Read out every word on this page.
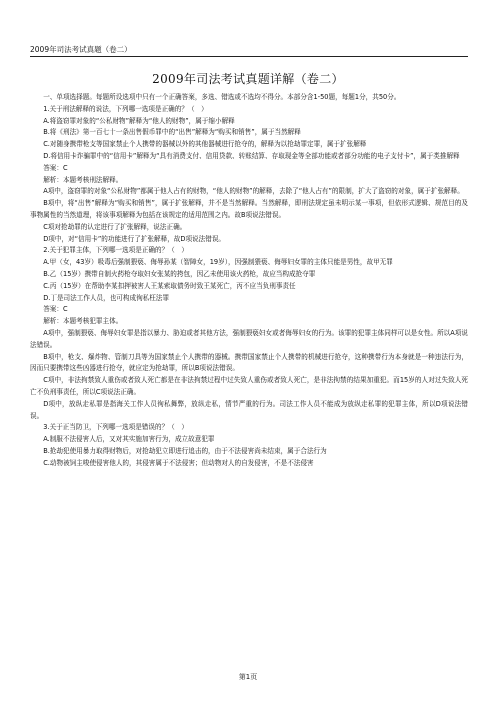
2009年司法考试真题（卷二）
2009年司法考试真题详解（卷二）

一、单项选择题。每题所设选项中只有一个正确答案，多选、错选或不选均不得分。本部分含1-50题，每题1分，共50分。

1.关于刑法解释的说法，下列哪一选项是正确的？（　）

A.将盗窃罪对象的“公私财物”解释为“他人的财物”，属于缩小解释

B.将《刑法》第一百七十一条出售假币罪中的“出售”解释为“购买和销售”，属于当然解释

C.对随身携带枪支等国家禁止个人携带的器械以外的其他器械进行抢夺的，解释为以抢劫罪定罪，属于扩张解释

D.将信用卡诈骗罪中的“信用卡”解释为“具有消费支付、信用贷款、转账结算、存取现金等全部功能或者部分功能的电子支付卡”，属于类推解释

答案：C

解析：本题考核刑法解释。

A项中，盗窃罪的对象“公私财物”都属于他人占有的财物，“他人的财物”的解释，去除了“他人占有”的限制，扩大了盗窃的对象，属于扩张解释。

B项中，将“出售”解释为“购买和销售”，属于扩张解释，并不是当然解释。当然解释，即刑法规定虽未明示某一事项，但依形式逻辑、规范目的及事物属性的当然道理，将该事项解释为包括在该规定的适用范围之内。故B项说法错误。

C项对抢劫罪的认定进行了扩张解释，说法正确。

D项中，对“信用卡”的功能进行了扩张解释，故D项说法错误。

2.关于犯罪主体，下列哪一选项是正确的？（　）

A.甲（女，43岁）吸毒后强制猥亵、侮辱孙某（智障女，19岁），因强制猥亵、侮辱妇女罪的主体只能是男性，故甲无罪

B.乙（15岁）携带自制火药枪夺取妇女张某的挎包，因乙未使用该火药枪，故应当构成抢夺罪

C.丙（15岁）在帮助李某扣押被害人王某索取债务时致王某死亡，丙不应当负刑事责任

D.丁是司法工作人员，也可构成徇私枉法罪

答案：C

解析：本题考核犯罪主体。

A项中，强制猥亵、侮辱妇女罪是指以暴力、胁迫或者其他方法，强制猥亵妇女或者侮辱妇女的行为。该罪的犯罪主体同样可以是女性。所以A项说法错误。

B项中，枪支、爆炸物、管制刀具等为国家禁止个人携带的器械。携带国家禁止个人携带的机械进行抢夺，这种携带行为本身就是一种违法行为，因而只要携带这些凶器进行抢夺，就应定为抢劫罪，所以B项说法错误。

C项中，非法拘禁致人重伤或者致人死亡都是在非法拘禁过程中过失致人重伤或者致人死亡，是非法拘禁的结果加重犯。而15岁的人对过失致人死亡不负刑事责任，所以C项说法正确。

D项中，放纵走私罪是指海关工作人员徇私舞弊，放纵走私，情节严重的行为。司法工作人员不能成为放纵走私罪的犯罪主体，所以D项说法错误。

3.关于正当防卫，下列哪一选项是错误的？（　）

A.制服不法侵害人后，又对其实施加害行为，成立故意犯罪

B.抢劫犯使用暴力取得财物后，对抢劫犯立即进行追击的，由于不法侵害尚未结束，属于合法行为

C.动物被饲主唆使侵害他人的，其侵害属于不法侵害；但动物对人的自发侵害，不是不法侵害

第1页
